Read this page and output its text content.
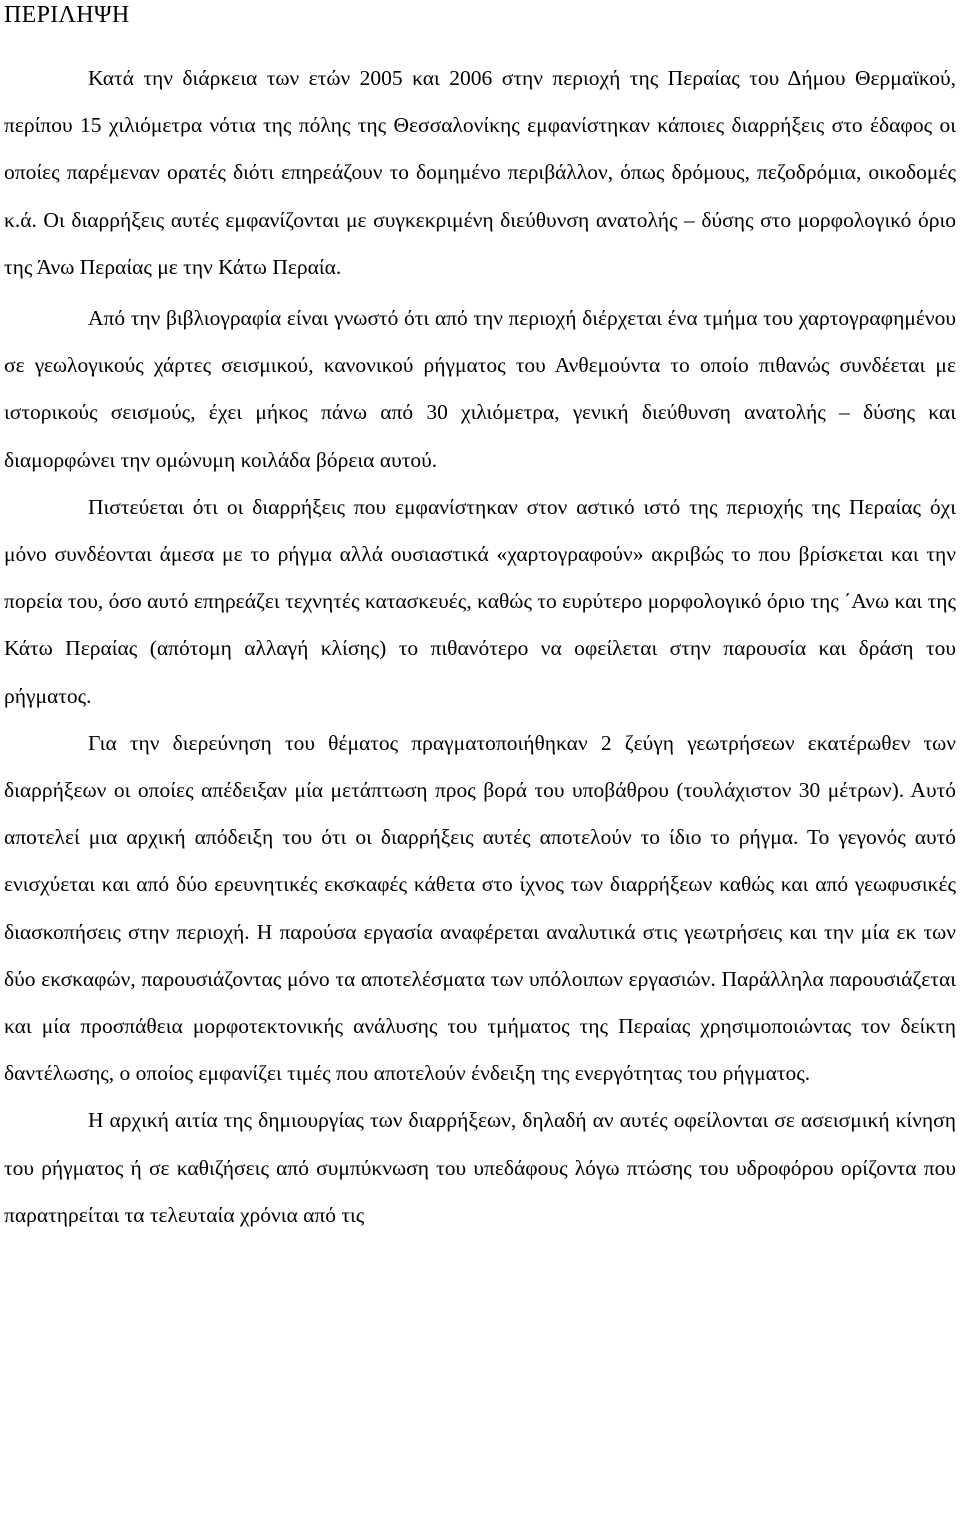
ΠΕΡΙΛΗΨΗ

Κατά την διάρκεια των ετών 2005 και 2006 στην περιοχή της Περαίας του Δήμου Θερμαϊκού, περίπου 15 χιλιόμετρα νότια της πόλης της Θεσσαλονίκης εμφανίστηκαν κάποιες διαρρήξεις στο έδαφος οι οποίες παρέμεναν ορατές διότι επηρεάζουν το δομημένο περιβάλλον, όπως δρόμους, πεζοδρόμια, οικοδομές κ.ά. Οι διαρρήξεις αυτές εμφανίζονται με συγκεκριμένη διεύθυνση ανατολής – δύσης στο μορφολογικό όριο της Άνω Περαίας με την Κάτω Περαία.

Από την βιβλιογραφία είναι γνωστό ότι από την περιοχή διέρχεται ένα τμήμα του χαρτογραφημένου σε γεωλογικούς χάρτες σεισμικού, κανονικού ρήγματος του Ανθεμούντα το οποίο πιθανώς συνδέεται με ιστορικούς σεισμούς, έχει μήκος πάνω από 30 χιλιόμετρα, γενική διεύθυνση ανατολής – δύσης και διαμορφώνει την ομώνυμη κοιλάδα βόρεια αυτού.

Πιστεύεται ότι οι διαρρήξεις που εμφανίστηκαν στον αστικό ιστό της περιοχής της Περαίας όχι μόνο συνδέονται άμεσα με το ρήγμα αλλά ουσιαστικά «χαρτογραφούν» ακριβώς το που βρίσκεται και την πορεία του, όσο αυτό επηρεάζει τεχνητές κατασκευές, καθώς το ευρύτερο μορφολογικό όριο της ΄Ανω και της Κάτω Περαίας (απότομη αλλαγή κλίσης) το πιθανότερο να οφείλεται στην παρουσία και δράση του ρήγματος.

Για την διερεύνηση του θέματος πραγματοποιήθηκαν 2 ζεύγη γεωτρήσεων εκατέρωθεν των διαρρήξεων οι οποίες απέδειξαν μία μετάπτωση προς βορά του υποβάθρου (τουλάχιστον 30 μέτρων). Αυτό αποτελεί μια αρχική απόδειξη του ότι οι διαρρήξεις αυτές αποτελούν το ίδιο το ρήγμα. Το γεγονός αυτό ενισχύεται και από δύο ερευνητικές εκσκαφές κάθετα στο ίχνος των διαρρήξεων καθώς και από γεωφυσικές διασκοπήσεις στην περιοχή. Η παρούσα εργασία αναφέρεται αναλυτικά στις γεωτρήσεις και την μία εκ των δύο εκσκαφών, παρουσιάζοντας μόνο τα αποτελέσματα των υπόλοιπων εργασιών. Παράλληλα παρουσιάζεται και μία προσπάθεια μορφοτεκτονικής ανάλυσης του τμήματος της Περαίας χρησιμοποιώντας τον δείκτη δαντέλωσης, ο οποίος εμφανίζει τιμές που αποτελούν ένδειξη της ενεργότητας του ρήγματος.

Η αρχική αιτία της δημιουργίας των διαρρήξεων, δηλαδή αν αυτές οφείλονται σε ασεισμική κίνηση του ρήγματος ή σε καθιζήσεις από συμπύκνωση του υπεδάφους λόγω πτώσης του υδροφόρου ορίζοντα που παρατηρείται τα τελευταία χρόνια από τις
